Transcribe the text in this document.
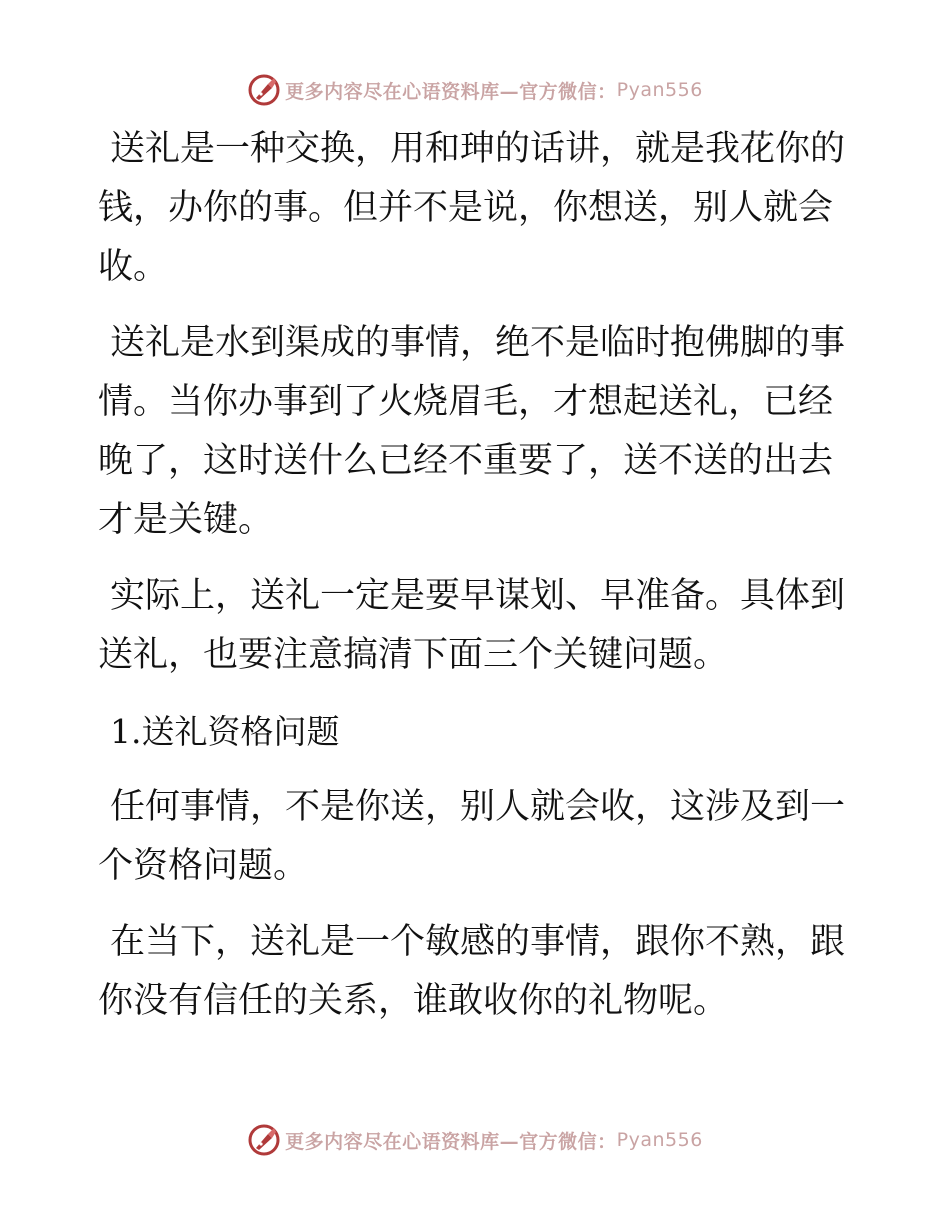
更多内容尽在心语资料库—官方微信： Pyan556

送礼是一种交换，用和珅的话讲，就是我花你的钱，办你的事。但并不是说，你想送，别人就会收。

送礼是水到渠成的事情，绝不是临时抱佛脚的事情。当你办事到了火烧眉毛，才想起送礼，已经晚了，这时送什么已经不重要了，送不送的出去才是关键。

实际上，送礼一定是要早谋划、早准备。具体到送礼，也要注意搞清下面三个关键问题。

1.送礼资格问题

任何事情，不是你送，别人就会收，这涉及到一个资格问题。

在当下，送礼是一个敏感的事情，跟你不熟，跟你没有信任的关系，谁敢收你的礼物呢。

更多内容尽在心语资料库—官方微信： Pyan556
